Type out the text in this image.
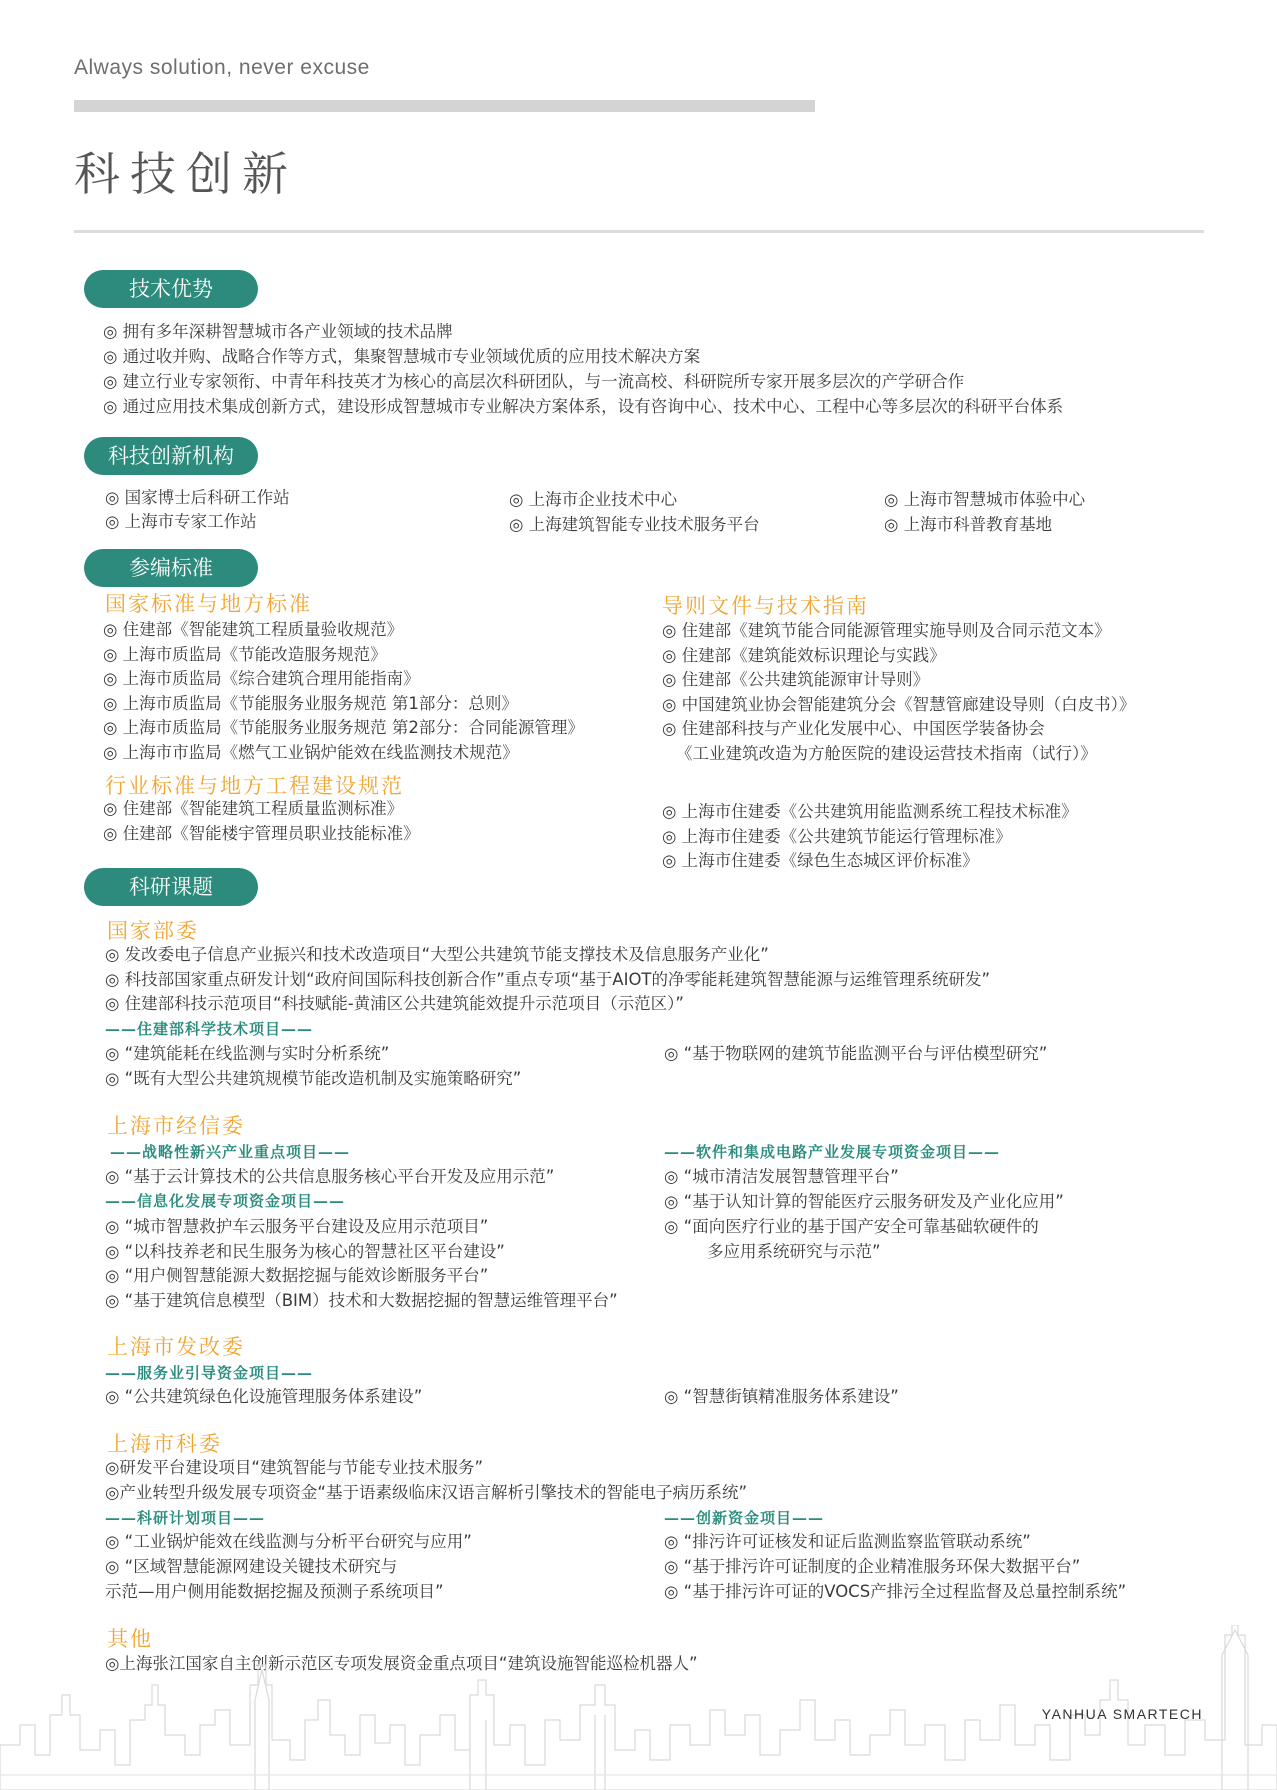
Always solution, never excuse
科技创新
技术优势
◎ 拥有多年深耕智慧城市各产业领域的技术品牌
◎ 通过收并购、战略合作等方式，集聚智慧城市专业领域优质的应用技术解决方案
◎ 建立行业专家领衔、中青年科技英才为核心的高层次科研团队，与一流高校、科研院所专家开展多层次的产学研合作
◎ 通过应用技术集成创新方式，建设形成智慧城市专业解决方案体系，设有咨询中心、技术中心、工程中心等多层次的科研平台体系
科技创新机构
◎ 国家博士后科研工作站
◎ 上海市专家工作站
◎ 上海市企业技术中心
◎ 上海建筑智能专业技术服务平台
◎ 上海市智慧城市体验中心
◎ 上海市科普教育基地
参编标准
国家标准与地方标准
◎ 住建部《智能建筑工程质量验收规范》
◎ 上海市质监局《节能改造服务规范》
◎ 上海市质监局《综合建筑合理用能指南》
◎ 上海市质监局《节能服务业服务规范 第1部分：总则》
◎ 上海市质监局《节能服务业服务规范 第2部分：合同能源管理》
◎ 上海市市监局《燃气工业锅炉能效在线监测技术规范》
导则文件与技术指南
◎ 住建部《建筑节能合同能源管理实施导则及合同示范文本》
◎ 住建部《建筑能效标识理论与实践》
◎ 住建部《公共建筑能源审计导则》
◎ 中国建筑业协会智能建筑分会《智慧管廊建设导则（白皮书）》
◎ 住建部科技与产业化发展中心、中国医学装备协会
《工业建筑改造为方舱医院的建设运营技术指南（试行）》
行业标准与地方工程建设规范
◎ 住建部《智能建筑工程质量监测标准》
◎ 住建部《智能楼宇管理员职业技能标准》
◎ 上海市住建委《公共建筑用能监测系统工程技术标准》
◎ 上海市住建委《公共建筑节能运行管理标准》
◎ 上海市住建委《绿色生态城区评价标准》
科研课题
国家部委
◎ 发改委电子信息产业振兴和技术改造项目“大型公共建筑节能支撑技术及信息服务产业化”
◎ 科技部国家重点研发计划“政府间国际科技创新合作”重点专项“基于AIOT的净零能耗建筑智慧能源与运维管理系统研发”
◎ 住建部科技示范项目“科技赋能-黄浦区公共建筑能效提升示范项目（示范区）”
——住建部科学技术项目——
◎ “建筑能耗在线监测与实时分析系统”
◎ “既有大型公共建筑规模节能改造机制及实施策略研究”
◎ “基于物联网的建筑节能监测平台与评估模型研究”
上海市经信委
——战略性新兴产业重点项目——
◎ “基于云计算技术的公共信息服务核心平台开发及应用示范”
——信息化发展专项资金项目——
◎ “城市智慧救护车云服务平台建设及应用示范项目”
◎ “以科技养老和民生服务为核心的智慧社区平台建设”
◎ “用户侧智慧能源大数据挖掘与能效诊断服务平台”
◎ “基于建筑信息模型（BIM）技术和大数据挖掘的智慧运维管理平台”
——软件和集成电路产业发展专项资金项目——
◎ “城市清洁发展智慧管理平台”
◎ “基于认知计算的智能医疗云服务研发及产业化应用”
◎ “面向医疗行业的基于国产安全可靠基础软硬件的
多应用系统研究与示范”
上海市发改委
——服务业引导资金项目——
◎ “公共建筑绿色化设施管理服务体系建设”	◎ “智慧街镇精准服务体系建设”
上海市科委
◎研发平台建设项目“建筑智能与节能专业技术服务”
◎产业转型升级发展专项资金“基于语素级临床汉语言解析引擎技术的智能电子病历系统”
——科研计划项目——
◎ “工业锅炉能效在线监测与分析平台研究与应用”
◎ “区域智慧能源网建设关键技术研究与
示范—用户侧用能数据挖掘及预测子系统项目”
——创新资金项目——
◎ “排污许可证核发和证后监测监察监管联动系统”
◎ “基于排污许可证制度的企业精准服务环保大数据平台”
◎ “基于排污许可证的VOCS产排污全过程监督及总量控制系统”
其他
◎上海张江国家自主创新示范区专项发展资金重点项目“建筑设施智能巡检机器人”
YANHUA SMARTECH
